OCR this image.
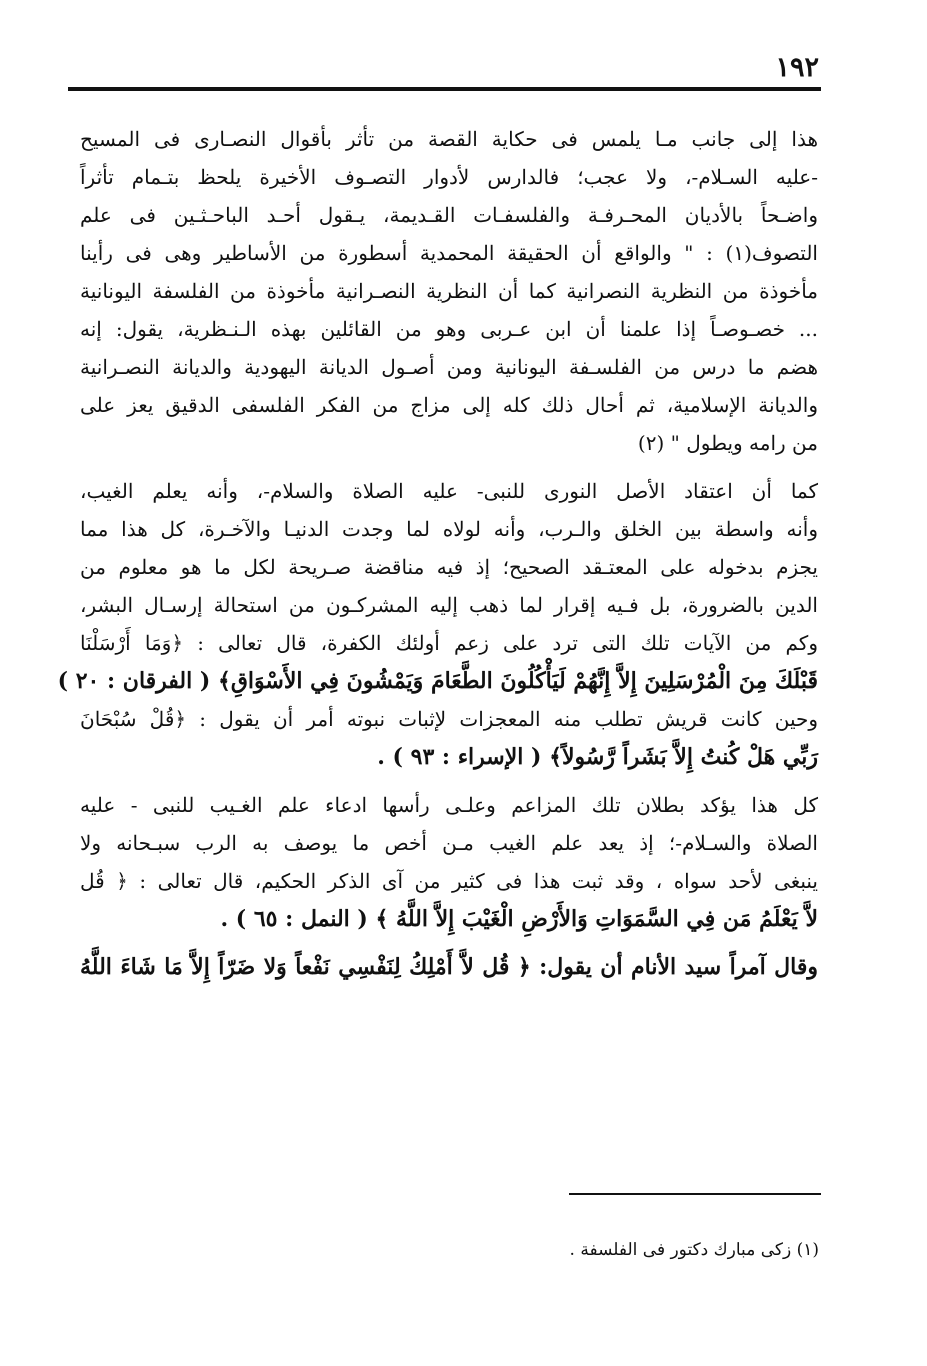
١٩٢

هذا إلى جانب مـا يلمس فى حكاية القصة من تأثر بأقوال النصـارى فى المسيح
-عليه السـلام-، ولا عجب؛ فالدارس لأدوار التصـوف الأخيرة يلحظ بتـمام تأثراً
واضـحاً بالأديان المحـرفـة والفلسفـات القـديمة، يـقول أحـد الباحـثـين فى علم
التصوف(١) : " والواقع أن الحقيقة المحمدية أسطورة من الأساطير وهى فى رأينا
مأخوذة من النظرية النصرانية كما أن النظرية النصـرانية مأخوذة من الفلسفة اليونانية
... خصـوصـاً إذا علمنا أن ابن عـربى وهو من القائلين بهذه الـنـظرية، يقول: إنه
هضم ما درس من الفلسـفة اليونانية ومن أصـول الديانة اليهودية والديانة النصـرانية
والديانة الإسلامية، ثم أحال ذلك كله إلى مزاج من الفكر الفلسفى الدقيق يعز على
من رامه ويطول " (٢)

كما أن اعتقاد الأصل النورى للنبى- عليه الصلاة والسلام-، وأنه يعلم الغيب،
وأنه واسطة بين الخلق والـرب، وأنه لولاه لما وجدت الدنيـا والآخـرة، كل هذا مما
يجزم بدخوله على المعتـقد الصحيح؛ إذ فيه مناقضة صـريحة لكل ما هو معلوم من
الدين بالضرورة، بل فـيه إقرار لما ذهب إليه المشركـون من استحالة إرسـال البشر،
وكم من الآيات تلك التى ترد على زعم أولئك الكفرة، قال تعالى : ﴿وَمَا أَرْسَلْنَا
قَبْلَكَ مِنَ الْمُرْسَلِينَ إِلاَّ إِنَّهُمْ لَيَأْكُلُونَ الطَّعَامَ وَيَمْشُونَ فِي الأَسْوَاقِ﴾ ( الفرقان : ٢٠ )
وحين كانت قريش تطلب منه المعجزات لإثبات نبوته أمر أن يقول : ﴿قُلْ سُبْحَانَ
رَبِّي هَلْ كُنتُ إِلاَّ بَشَراً رَّسُولاً﴾ ( الإسراء : ٩٣ ) .

كل هذا يؤكد بطلان تلك المزاعم وعلـى رأسها ادعاء علم الغـيب للنبى - عليه
الصلاة والسـلام-؛ إذ يعد علم الغيب مـن أخص ما يوصف به الرب سبـحانه ولا
ينبغى لأحد سواه ، وقد ثبت هذا فى كثير من آى الذكر الحكيم، قال تعالى : ﴿ قُل
لاَّ يَعْلَمُ مَن فِي السَّمَوَاتِ وَالأَرْضِ الْغَيْبَ إِلاَّ اللَّهُ ﴾ ( النمل : ٦٥ ) .

وقال آمراً سيد الأنام أن يقول: ﴿ قُل لاَّ أَمْلِكُ لِنَفْسِي نَفْعاً وَلا ضَرّاً إِلاَّ مَا شَاءَ اللَّهُ

(١) زكى مبارك دكتور فى الفلسفة .
